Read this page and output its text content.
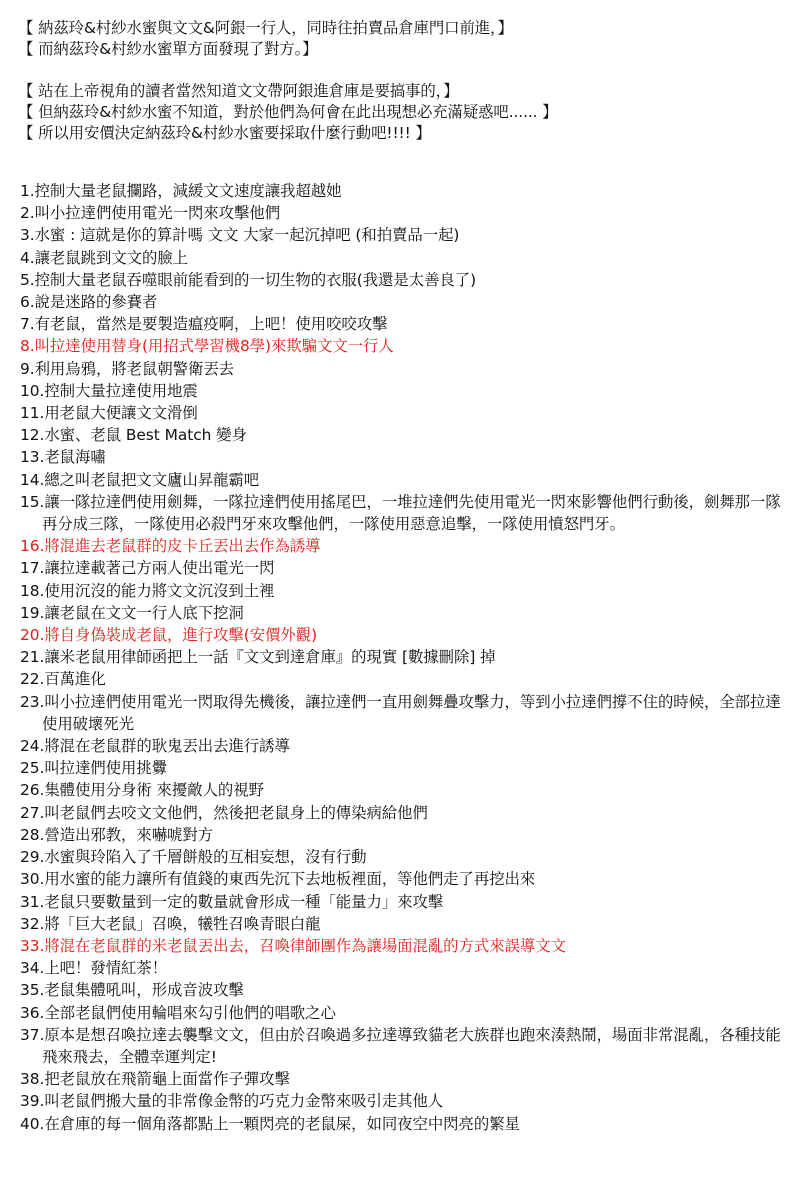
【 納茲玲&村紗水蜜與文文&阿銀一行人，同時往拍賣品倉庫門口前進，】
【 而納茲玲&村紗水蜜單方面發現了對方。】
【 站在上帝視角的讀者當然知道文文帶阿銀進倉庫是要搞事的，】
【 但納茲玲&村紗水蜜不知道，對於他們為何會在此出現想必充滿疑惑吧...... 】
【 所以用安價決定納茲玲&村紗水蜜要採取什麼行動吧!!!! 】
1.控制大量老鼠攔路，減緩文文速度讓我超越她
2.叫小拉達們使用電光一閃來攻擊他們
3.水蜜 : 這就是你的算計嗎 文文 大家一起沉掉吧 (和拍賣品一起)
4.讓老鼠跳到文文的臉上
5.控制大量老鼠吞噬眼前能看到的一切生物的衣服(我還是太善良了)
6.說是迷路的參賽者
7.有老鼠，當然是要製造瘟疫啊，上吧！使用咬咬攻擊
8.叫拉達使用替身(用招式學習機8學)來欺騙文文一行人
9.利用烏鴉，將老鼠朝警衛丟去
10.控制大量拉達使用地震
11.用老鼠大便讓文文滑倒
12.水蜜、老鼠 Best Match 變身
13.老鼠海嘯
14.總之叫老鼠把文文廬山昇龍霸吧
15.讓一隊拉達們使用劍舞，一隊拉達們使用搖尾巴，一堆拉達們先使用電光一閃來影響他們行動後，劍舞那一隊再分成三隊，一隊使用必殺門牙來攻擊他們，一隊使用惡意追擊，一隊使用憤怒門牙。
16.將混進去老鼠群的皮卡丘丟出去作為誘導
17.讓拉達載著己方兩人使出電光一閃
18.使用沉沒的能力將文文沉沒到土裡
19.讓老鼠在文文一行人底下挖洞
20.將自身偽裝成老鼠，進行攻擊(安價外觀)
21.讓米老鼠用律師函把上一話『文文到達倉庫』的現實 [數據刪除] 掉
22.百萬進化
23.叫小拉達們使用電光一閃取得先機後，讓拉達們一直用劍舞疊攻擊力，等到小拉達們撐不住的時候，全部拉達使用破壞死光
24.將混在老鼠群的耿鬼丟出去進行誘導
25.叫拉達們使用挑釁
26.集體使用分身術 來擾敵人的視野
27.叫老鼠們去咬文文他們，然後把老鼠身上的傳染病給他們
28.營造出邪教，來嚇唬對方
29.水蜜與玲陷入了千層餅般的互相妄想，沒有行動
30.用水蜜的能力讓所有值錢的東西先沉下去地板裡面，等他們走了再挖出來
31.老鼠只要數量到一定的數量就會形成一種「能量力」來攻擊
32.將「巨大老鼠」召喚，犧牲召喚青眼白龍
33.將混在老鼠群的米老鼠丟出去，召喚律師團作為讓場面混亂的方式來誤導文文
34.上吧！發情紅茶！
35.老鼠集體吼叫，形成音波攻擊
36.全部老鼠們使用輪唱來勾引他們的唱歌之心
37.原本是想召喚拉達去襲擊文文，但由於召喚過多拉達導致貓老大族群也跑來湊熱鬧，場面非常混亂，各種技能飛來飛去，全體幸運判定!
38.把老鼠放在飛箭龜上面當作子彈攻擊
39.叫老鼠們搬大量的非常像金幣的巧克力金幣來吸引走其他人
40.在倉庫的每一個角落都點上一顆閃亮的老鼠屎，如同夜空中閃亮的繁星
